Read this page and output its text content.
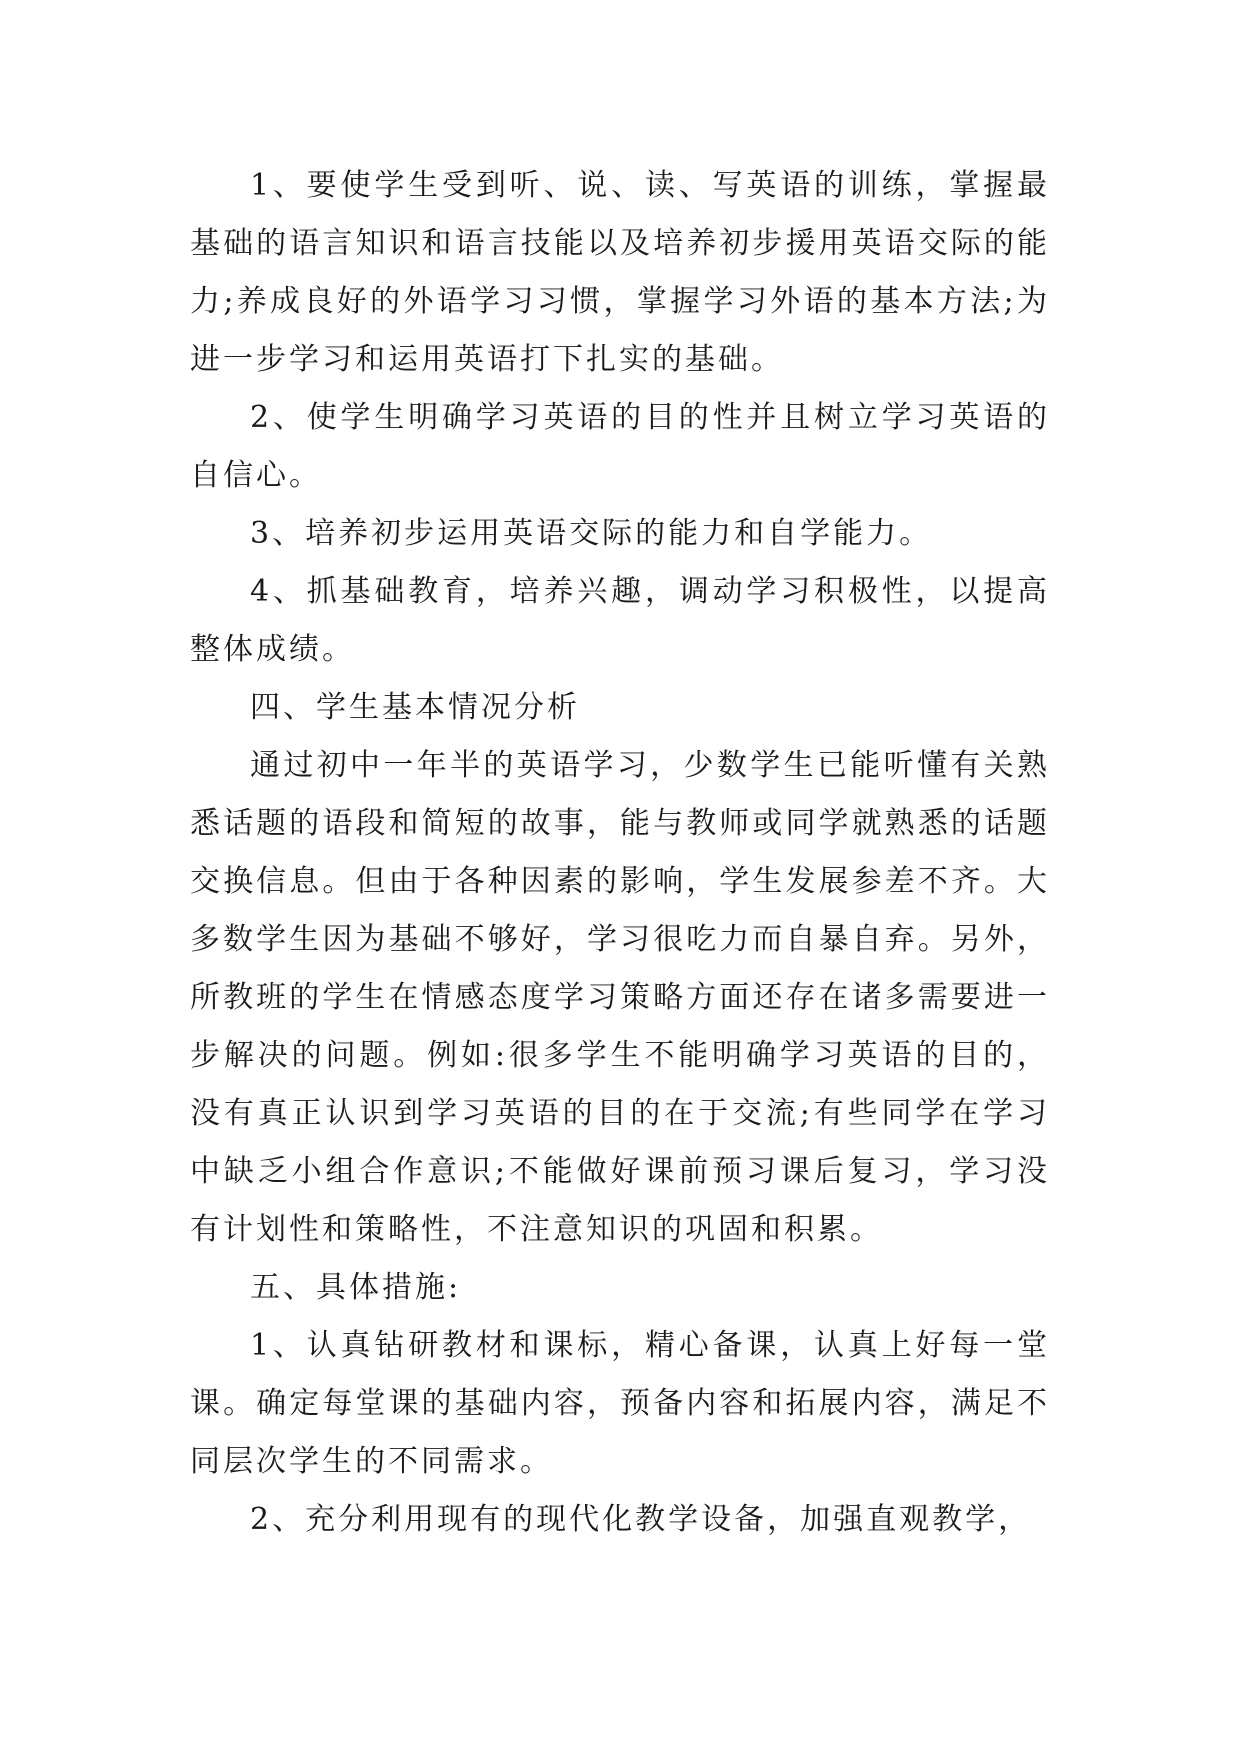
1、要使学生受到听、说、读、写英语的训练，掌握最基础的语言知识和语言技能以及培养初步援用英语交际的能力;养成良好的外语学习习惯，掌握学习外语的基本方法;为进一步学习和运用英语打下扎实的基础。

2、使学生明确学习英语的目的性并且树立学习英语的自信心。

3、培养初步运用英语交际的能力和自学能力。

4、抓基础教育，培养兴趣，调动学习积极性，以提高整体成绩。

四、学生基本情况分析

通过初中一年半的英语学习，少数学生已能听懂有关熟悉话题的语段和简短的故事，能与教师或同学就熟悉的话题交换信息。但由于各种因素的影响，学生发展参差不齐。大多数学生因为基础不够好，学习很吃力而自暴自弃。另外，所教班的学生在情感态度学习策略方面还存在诸多需要进一步解决的问题。例如:很多学生不能明确学习英语的目的，没有真正认识到学习英语的目的在于交流;有些同学在学习中缺乏小组合作意识;不能做好课前预习课后复习，学习没有计划性和策略性，不注意知识的巩固和积累。

五、具体措施:

1、认真钻研教材和课标，精心备课，认真上好每一堂课。确定每堂课的基础内容，预备内容和拓展内容，满足不同层次学生的不同需求。

2、充分利用现有的现代化教学设备，加强直观教学，
